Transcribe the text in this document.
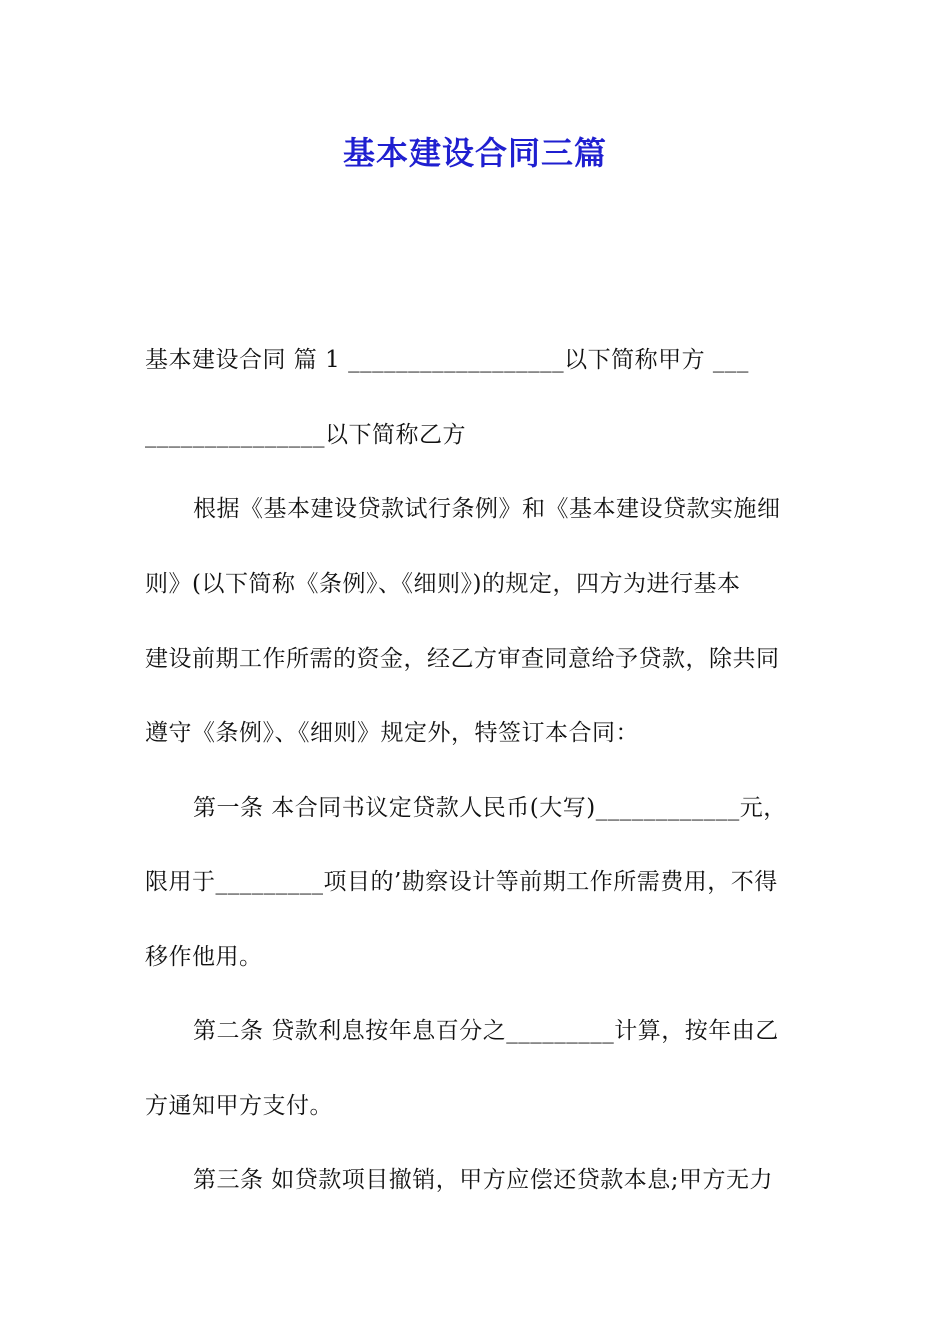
基本建设合同三篇
基本建设合同 篇 1 __________________以下简称甲方 ___
_______________以下简称乙方
根据《基本建设贷款试行条例》和《基本建设贷款实施细
则》(以下简称《条例》、《细则》)的规定，四方为进行基本
建设前期工作所需的资金，经乙方审查同意给予贷款，除共同
遵守《条例》、《细则》规定外，特签订本合同：
第一条 本合同书议定贷款人民币(大写)____________元，
限用于_________项目的’勘察设计等前期工作所需费用，不得
移作他用。
第二条 贷款利息按年息百分之_________计算，按年由乙
方通知甲方支付。
第三条 如贷款项目撤销，甲方应偿还贷款本息;甲方无力
